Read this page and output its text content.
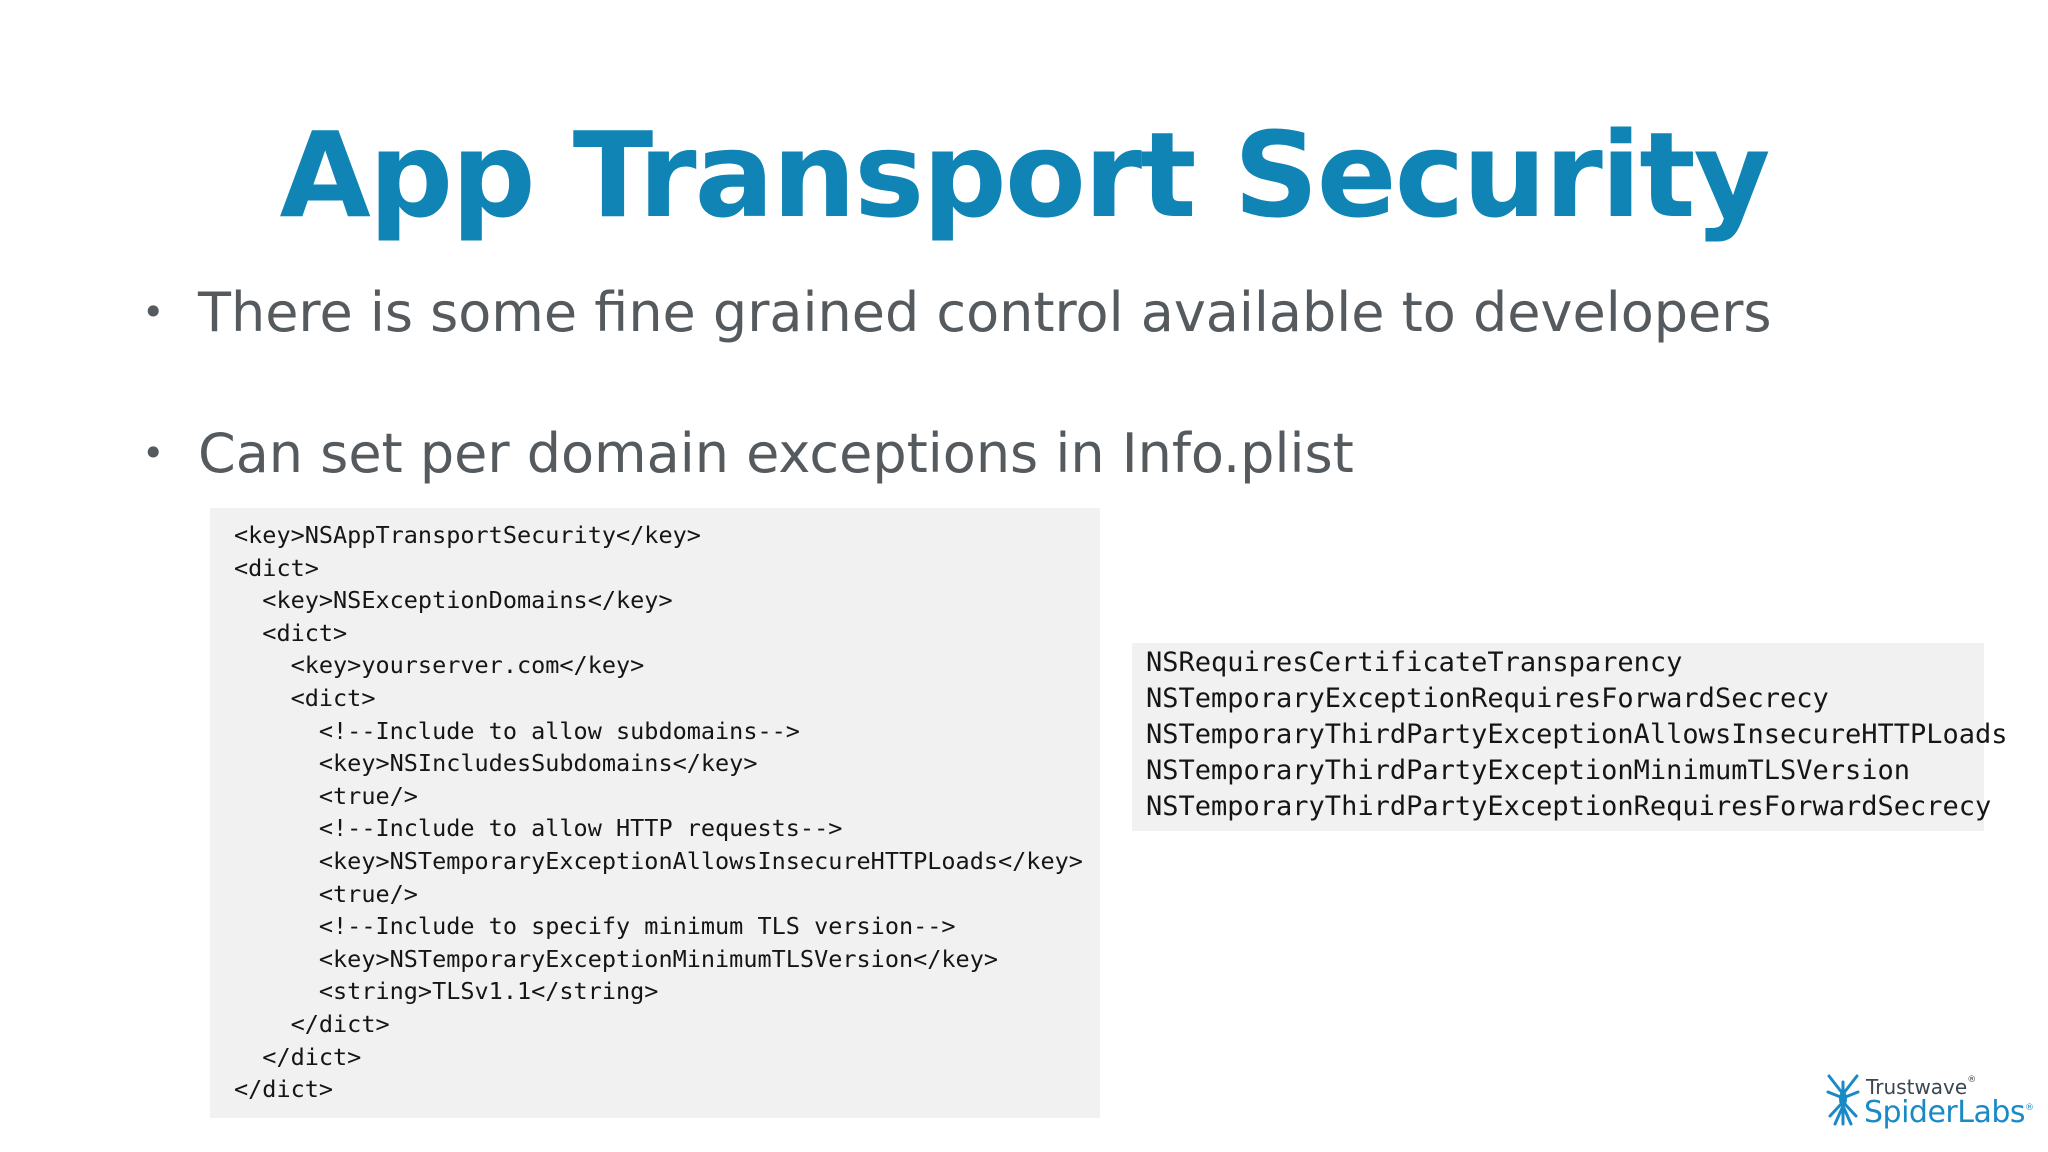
App Transport Security
• There is some fine grained control available to developers
• Can set per domain exceptions in Info.plist
<key>NSAppTransportSecurity</key>
<dict>
<key>NSExceptionDomains</key>
<dict>
<key>yourserver.com</key>
<dict>
<!--Include to allow subdomains-->
<key>NSIncludesSubdomains</key>
<true/>
<!--Include to allow HTTP requests-->
<key>NSTemporaryExceptionAllowsInsecureHTTPLoads</key>
<true/>
<!--Include to specify minimum TLS version-->
<key>NSTemporaryExceptionMinimumTLSVersion</key>
<string>TLSv1.1</string>
</dict>
</dict>
</dict>
NSRequiresCertificateTransparency
NSTemporaryExceptionRequiresForwardSecrecy
NSTemporaryThirdPartyExceptionAllowsInsecureHTTPLoads
NSTemporaryThirdPartyExceptionMinimumTLSVersion
NSTemporaryThirdPartyExceptionRequiresForwardSecrecy
Trustwave®
SpiderLabs®
